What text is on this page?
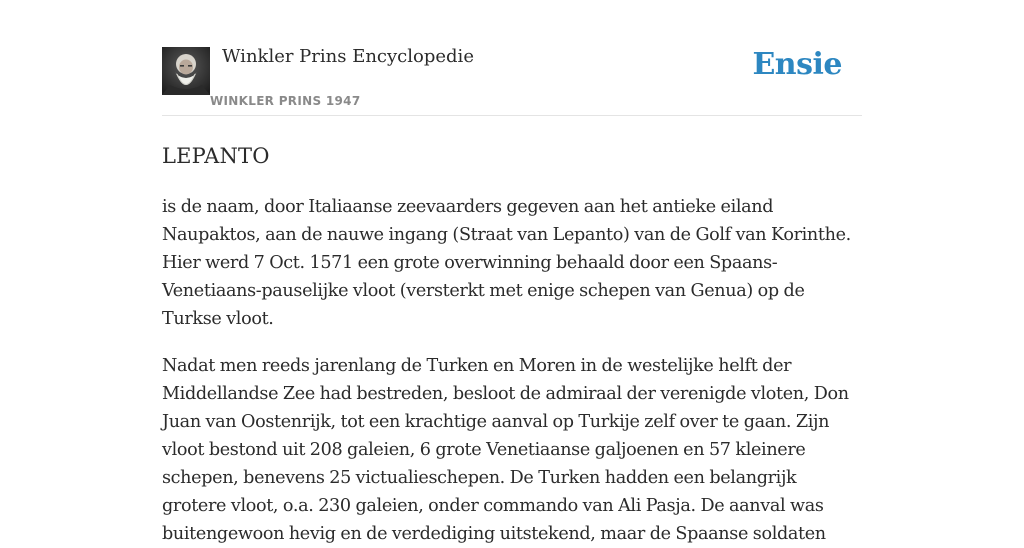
Winkler Prins Encyclopedie
WINKLER PRINS 1947
Ensie
LEPANTO

is de naam, door Italiaanse zeevaarders gegeven aan het antieke eiland Naupaktos, aan de nauwe ingang (Straat van Lepanto) van de Golf van Korinthe. Hier werd 7 Oct. 1571 een grote overwinning behaald door een Spaans-Venetiaans-pauselijke vloot (versterkt met enige schepen van Genua) op de Turkse vloot.

Nadat men reeds jarenlang de Turken en Moren in de westelijke helft der Middellandse Zee had bestreden, besloot de admiraal der verenigde vloten, Don Juan van Oostenrijk, tot een krachtige aanval op Turkije zelf over te gaan. Zijn vloot bestond uit 208 galeien, 6 grote Venetiaanse galjoenen en 57 kleinere schepen, benevens 25 victualieschepen. De Turken hadden een belangrijk grotere vloot, o.a. 230 galeien, onder commando van Ali Pasja. De aanval was buitengewoon hevig en de verdediging uitstekend, maar de Spaanse soldaten
